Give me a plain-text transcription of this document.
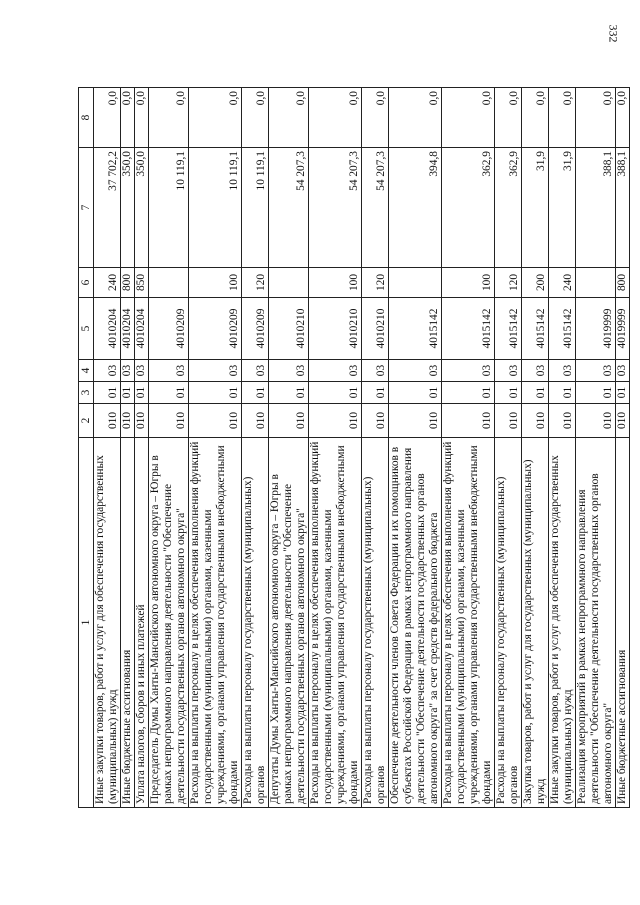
332
1	2	3	4	5	6	7	8
Иные закупки товаров, работ и услуг для обеспечения государственных (муниципальных) нужд	010	01	03	4010204	240	37 702,2	0,0
Иные бюджетные ассигнования	010	01	03	4010204	800	350,0	0,0
Уплата налогов, сборов и иных платежей	010	01	03	4010204	850	350,0	0,0
Председатель Думы Ханты-Мансийского автономного округа – Югры в рамках непрограммного направления деятельности "Обеспечение деятельности государственных органов автономного округа"	010	01	03	4010209		10 119,1	0,0
Расходы на выплаты персоналу в целях обеспечения выполнения функций государственными (муниципальными) органами, казенными учреждениями, органами управления государственными внебюджетными фондами	010	01	03	4010209	100	10 119,1	0,0
Расходы на выплаты персоналу государственных (муниципальных) органов	010	01	03	4010209	120	10 119,1	0,0
Депутаты Думы Ханты-Мансийского автономного округа – Югры в рамках непрограммного направления деятельности "Обеспечение деятельности государственных органов автономного округа"	010	01	03	4010210		54 207,3	0,0
Расходы на выплаты персоналу в целях обеспечения выполнения функций государственными (муниципальными) органами, казенными учреждениями, органами управления государственными внебюджетными фондами	010	01	03	4010210	100	54 207,3	0,0
Расходы на выплаты персоналу государственных (муниципальных) органов	010	01	03	4010210	120	54 207,3	0,0
Обеспечение деятельности членов Совета Федерации и их помощников в субъектах Российской Федерации в рамках непрограммного направления деятельности "Обеспечение деятельности государственных органов автономного округа" за счет средств федерального бюджета	010	01	03	4015142		394,8	0,0
Расходы на выплаты персоналу в целях обеспечения выполнения функций государственными (муниципальными) органами, казенными учреждениями, органами управления государственными внебюджетными фондами	010	01	03	4015142	100	362,9	0,0
Расходы на выплаты персоналу государственных (муниципальных) органов	010	01	03	4015142	120	362,9	0,0
Закупка товаров, работ и услуг для государственных (муниципальных) нужд	010	01	03	4015142	200	31,9	0,0
Иные закупки товаров, работ и услуг для обеспечения государственных (муниципальных) нужд	010	01	03	4015142	240	31,9	0,0
Реализация мероприятий в рамках непрограммного направления деятельности "Обеспечение деятельности государственных органов автономного округа"	010	01	03	4019999		388,1	0,0
Иные бюджетные ассигнования	010	01	03	4019999	800	388,1	0,0
